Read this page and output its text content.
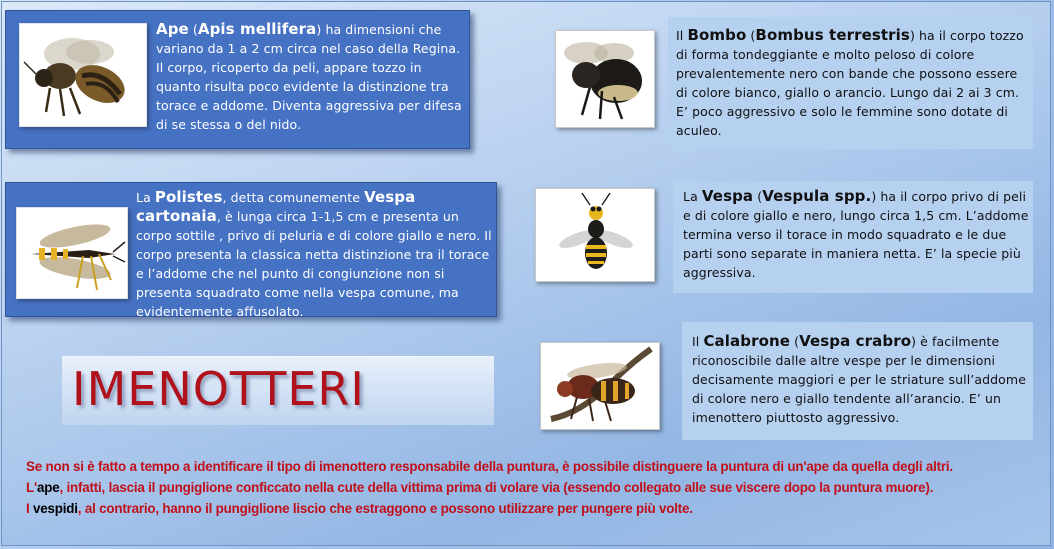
Ape (Apis mellifera) ha dimensioni che variano da 1 a 2 cm circa nel caso della Regina. Il corpo, ricoperto da peli, appare tozzo in quanto risulta poco evidente la distinzione tra torace e addome. Diventa aggressiva per difesa di se stessa o del nido.

Il Bombo (Bombus terrestris) ha il corpo tozzo di forma tondeggiante e molto peloso di colore prevalentemente nero con bande che possono essere di colore bianco, giallo o arancio. Lungo dai 2 ai 3 cm. E’ poco aggressivo e solo le femmine sono dotate di aculeo.

La Polistes, detta comunemente Vespa cartonaia, è lunga circa 1-1,5 cm e presenta un corpo sottile , privo di peluria e di colore giallo e nero. Il corpo presenta la classica netta distinzione tra il torace e l’addome che nel punto di congiunzione non si presenta squadrato come nella vespa comune, ma evidentemente affusolato.

La Vespa (Vespula spp.) ha il corpo privo di peli e di colore giallo e nero, lungo circa 1,5 cm. L’addome termina verso il torace in modo squadrato e le due parti sono separate in maniera netta. E’ la specie più aggressiva.

Il Calabrone (Vespa crabro) è facilmente riconoscibile dalle altre vespe per le dimensioni decisamente maggiori e per le striature sull’addome di colore nero e giallo tendente all’arancio. E’ un imenottero piuttosto aggressivo.

IMENOTTERI
Se non si è fatto a tempo a identificare il tipo di imenottero responsabile della puntura, è possibile distinguere la puntura di un'ape da quella degli altri.
L'ape, infatti, lascia il pungiglione conficcato nella cute della vittima prima di volare via (essendo collegato alle sue viscere dopo la puntura muore).
I vespidi, al contrario, hanno il pungiglione liscio che estraggono e possono utilizzare per pungere più volte.
